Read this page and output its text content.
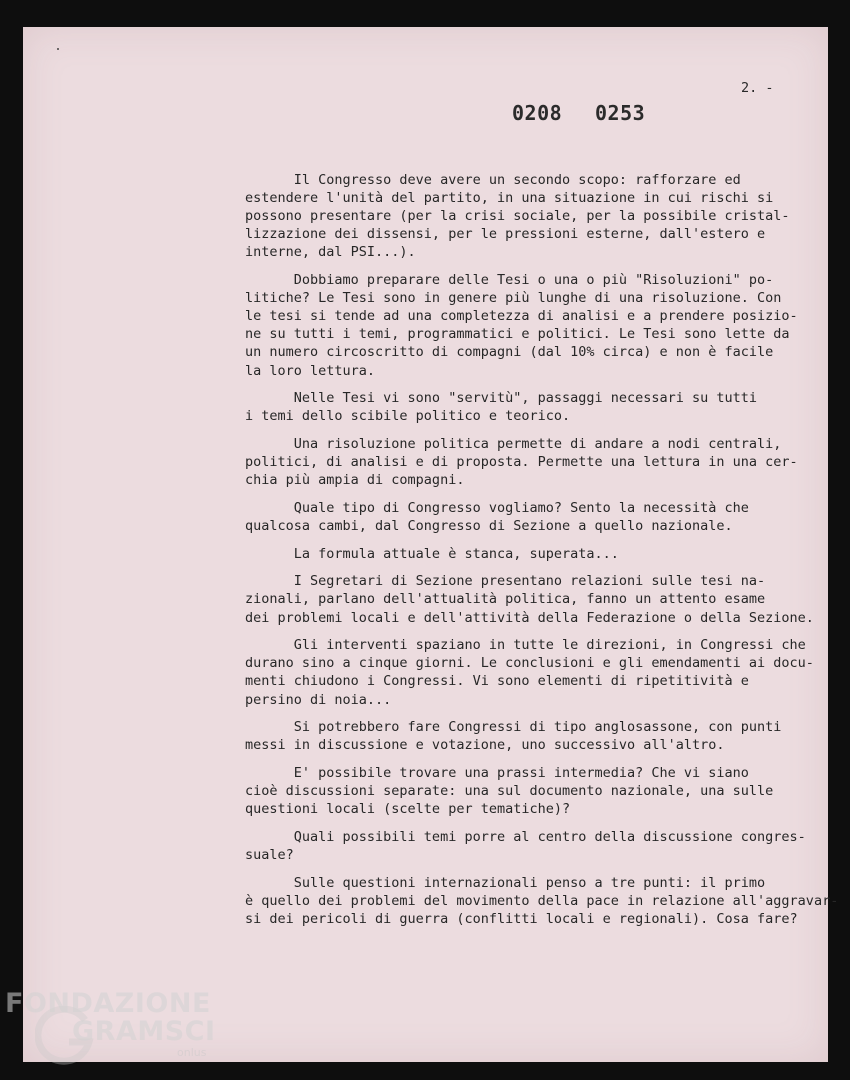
2. -
0208 0253
Il Congresso deve avere un secondo scopo: rafforzare ed
estendere l'unità del partito, in una situazione in cui rischi si
possono presentare (per la crisi sociale, per la possibile cristal-
lizzazione dei dissensi, per le pressioni esterne, dall'estero e
interne, dal PSI...).
Dobbiamo preparare delle Tesi o una o più "Risoluzioni" po-
litiche? Le Tesi sono in genere più lunghe di una risoluzione. Con
le tesi si tende ad una completezza di analisi e a prendere posizio-
ne su tutti i temi, programmatici e politici. Le Tesi sono lette da
un numero circoscritto di compagni (dal 10% circa) e non è facile
la loro lettura.
Nelle Tesi vi sono "servitù", passaggi necessari su tutti
i temi dello scibile politico e teorico.
Una risoluzione politica permette di andare a nodi centrali,
politici, di analisi e di proposta. Permette una lettura in una cer-
chia più ampia di compagni.
Quale tipo di Congresso vogliamo? Sento la necessità che
qualcosa cambi, dal Congresso di Sezione a quello nazionale.
La formula attuale è stanca, superata...
I Segretari di Sezione presentano relazioni sulle tesi na-
zionali, parlano dell'attualità politica, fanno un attento esame
dei problemi locali e dell'attività della Federazione o della Sezione.
Gli interventi spaziano in tutte le direzioni, in Congressi che
durano sino a cinque giorni. Le conclusioni e gli emendamenti ai docu-
menti chiudono i Congressi. Vi sono elementi di ripetitività e
persino di noia...
Si potrebbero fare Congressi di tipo anglosassone, con punti
messi in discussione e votazione, uno successivo all'altro.
E' possibile trovare una prassi intermedia? Che vi siano
cioè discussioni separate: una sul documento nazionale, una sulle
questioni locali (scelte per tematiche)?
Quali possibili temi porre al centro della discussione congres-
suale?
Sulle questioni internazionali penso a tre punti: il primo
è quello dei problemi del movimento della pace in relazione all'aggravar-
si dei pericoli di guerra (conflitti locali e regionali). Cosa fare?
FONDAZIONE
GRAMSCI
onlus
